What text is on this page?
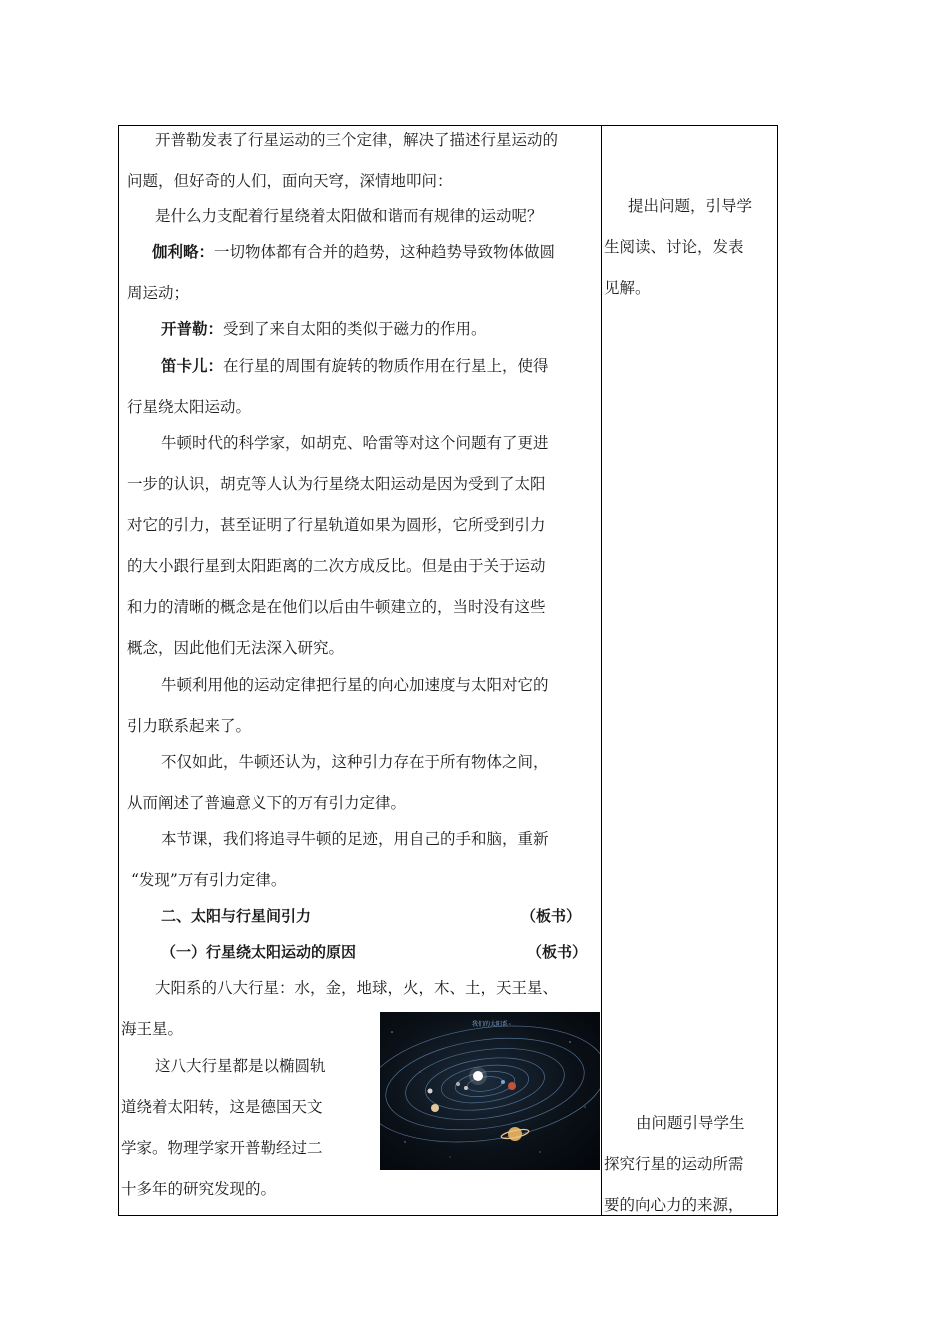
开普勒发表了行星运动的三个定律，解决了描述行星运动的
问题，但好奇的人们，面向天穹，深情地叩问：
是什么力支配着行星绕着太阳做和谐而有规律的运动呢？
伽利略：一切物体都有合并的趋势，这种趋势导致物体做圆
周运动；
开普勒：受到了来自太阳的类似于磁力的作用。
笛卡儿：在行星的周围有旋转的物质作用在行星上，使得
行星绕太阳运动。
牛顿时代的科学家，如胡克、哈雷等对这个问题有了更进
一步的认识，胡克等人认为行星绕太阳运动是因为受到了太阳
对它的引力，甚至证明了行星轨道如果为圆形，它所受到引力
的大小跟行星到太阳距离的二次方成反比。但是由于关于运动
和力的清晰的概念是在他们以后由牛顿建立的，当时没有这些
概念，因此他们无法深入研究。
牛顿利用他的运动定律把行星的向心加速度与太阳对它的
引力联系起来了。
不仅如此，牛顿还认为，这种引力存在于所有物体之间，
从而阐述了普遍意义下的万有引力定律。
本节课，我们将追寻牛顿的足迹，用自己的手和脑，重新
“发现”万有引力定律。
二、太阳与行星间引力	（板书）
（一）行星绕太阳运动的原因	（板书）
大阳系的八大行星：水，金，地球，火，木、土，天王星、
海王星。
这八大行星都是以椭圆轨
道绕着太阳转，这是德国天文
学家。物理学家开普勒经过二
十多年的研究发现的。
我们的太阳系
提出问题，引导学
生阅读、讨论，发表
见解。
由问题引导学生
探究行星的运动所需
要的向心力的来源，
